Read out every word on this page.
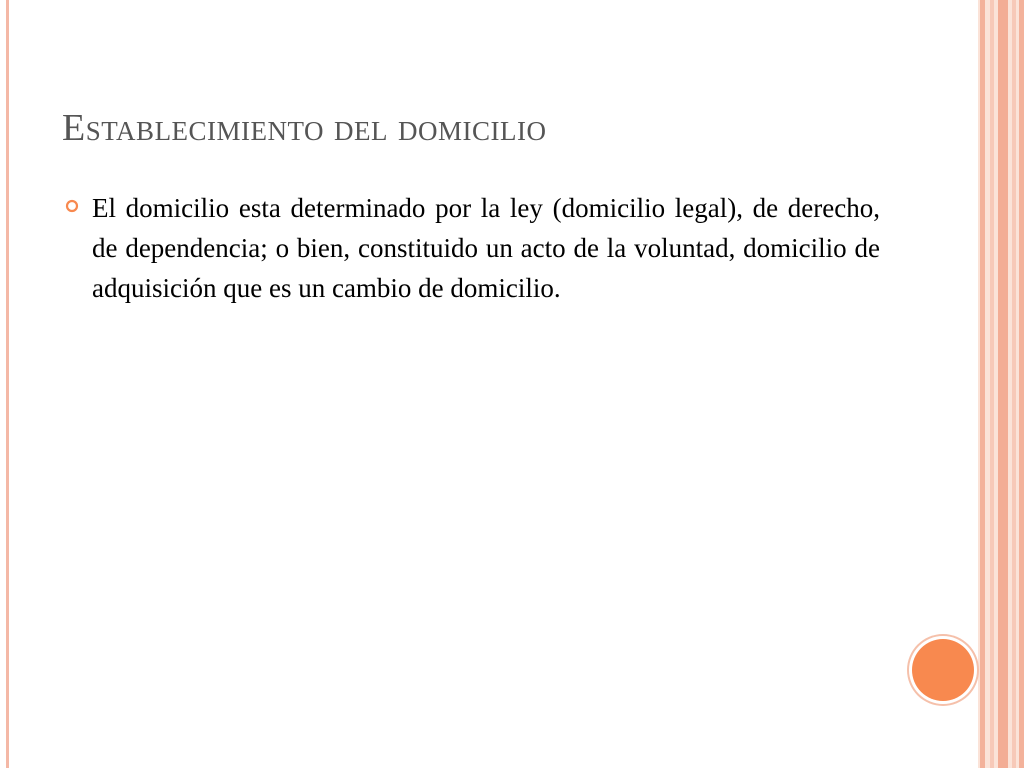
Establecimiento del domicilio

El domicilio esta determinado por la ley (domicilio legal), de derecho, de dependencia; o bien, constituido un acto de la voluntad, domicilio de adquisición que es un cambio de domicilio.
